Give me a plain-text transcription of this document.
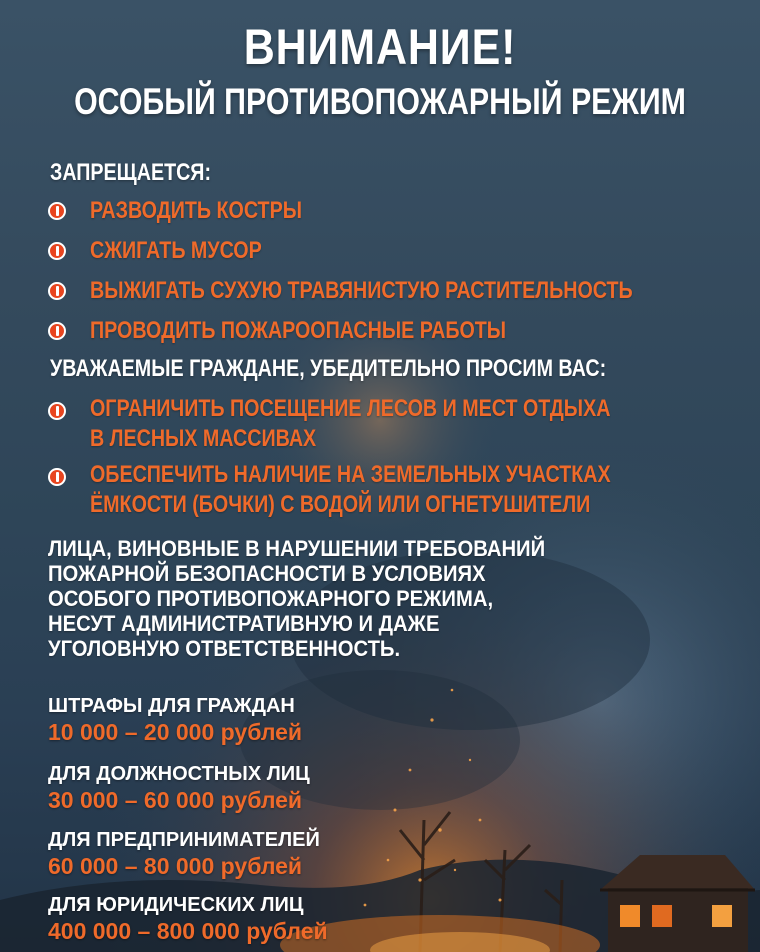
ВНИМАНИЕ!
ОСОБЫЙ ПРОТИВОПОЖАРНЫЙ РЕЖИМ
ЗАПРЕЩАЕТСЯ:
РАЗВОДИТЬ КОСТРЫ
СЖИГАТЬ МУСОР
ВЫЖИГАТЬ СУХУЮ ТРАВЯНИСТУЮ РАСТИТЕЛЬНОСТЬ
ПРОВОДИТЬ ПОЖАРООПАСНЫЕ РАБОТЫ
УВАЖАЕМЫЕ ГРАЖДАНЕ, УБЕДИТЕЛЬНО ПРОСИМ ВАС:
ОГРАНИЧИТЬ ПОСЕЩЕНИЕ ЛЕСОВ И МЕСТ ОТДЫХА
В ЛЕСНЫХ МАССИВАХ
ОБЕСПЕЧИТЬ НАЛИЧИЕ НА ЗЕМЕЛЬНЫХ УЧАСТКАХ
ЁМКОСТИ (БОЧКИ) С ВОДОЙ ИЛИ ОГНЕТУШИТЕЛИ
ЛИЦА, ВИНОВНЫЕ В НАРУШЕНИИ ТРЕБОВАНИЙ
ПОЖАРНОЙ БЕЗОПАСНОСТИ В УСЛОВИЯХ
ОСОБОГО ПРОТИВОПОЖАРНОГО РЕЖИМА,
НЕСУТ АДМИНИСТРАТИВНУЮ И ДАЖЕ
УГОЛОВНУЮ ОТВЕТСТВЕННОСТЬ.
ШТРАФЫ ДЛЯ ГРАЖДАН
10 000 – 20 000 рублей
ДЛЯ ДОЛЖНОСТНЫХ ЛИЦ
30 000 – 60 000 рублей
ДЛЯ ПРЕДПРИНИМАТЕЛЕЙ
60 000 – 80 000 рублей
ДЛЯ ЮРИДИЧЕСКИХ ЛИЦ
400 000 – 800 000 рублей
